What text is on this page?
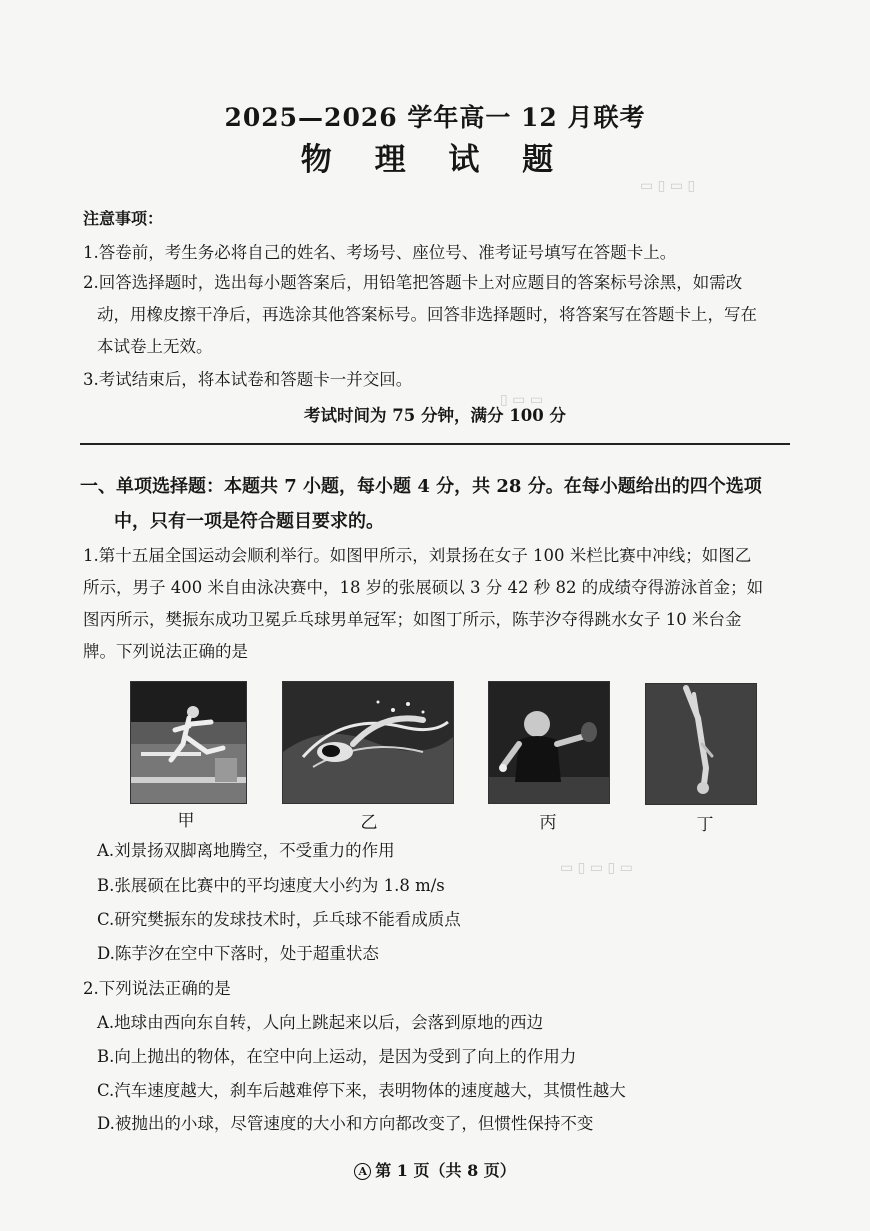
▭ ▯ ▭ ▯
▯ ▭ ▭
▭ ▯ ▭ ▯ ▭
2025—2026 学年高一 12 月联考
物 理 试 题
注意事项：
1.答卷前，考生务必将自己的姓名、考场号、座位号、准考证号填写在答题卡上。
2.回答选择题时，选出每小题答案后，用铅笔把答题卡上对应题目的答案标号涂黑，如需改
动，用橡皮擦干净后，再选涂其他答案标号。回答非选择题时，将答案写在答题卡上，写在
本试卷上无效。
3.考试结束后，将本试卷和答题卡一并交回。
考试时间为 75 分钟，满分 100 分
一、单项选择题：本题共 7 小题，每小题 4 分，共 28 分。在每小题给出的四个选项
中，只有一项是符合题目要求的。
1.第十五届全国运动会顺利举行。如图甲所示，刘景扬在女子 100 米栏比赛中冲线；如图乙
所示，男子 400 米自由泳决赛中，18 岁的张展硕以 3 分 42 秒 82 的成绩夺得游泳首金；如
图丙所示，樊振东成功卫冕乒乓球男单冠军；如图丁所示，陈芋汐夺得跳水女子 10 米台金
牌。下列说法正确的是
甲	乙	丙	丁
A.刘景扬双脚离地腾空，不受重力的作用
B.张展硕在比赛中的平均速度大小约为 1.8 m/s
C.研究樊振东的发球技术时，乒乓球不能看成质点
D.陈芋汐在空中下落时，处于超重状态
2.下列说法正确的是
A.地球由西向东自转，人向上跳起来以后，会落到原地的西边
B.向上抛出的物体，在空中向上运动，是因为受到了向上的作用力
C.汽车速度越大，刹车后越难停下来，表明物体的速度越大，其惯性越大
D.被抛出的小球，尽管速度的大小和方向都改变了，但惯性保持不变
A 第 1 页（共 8 页）
